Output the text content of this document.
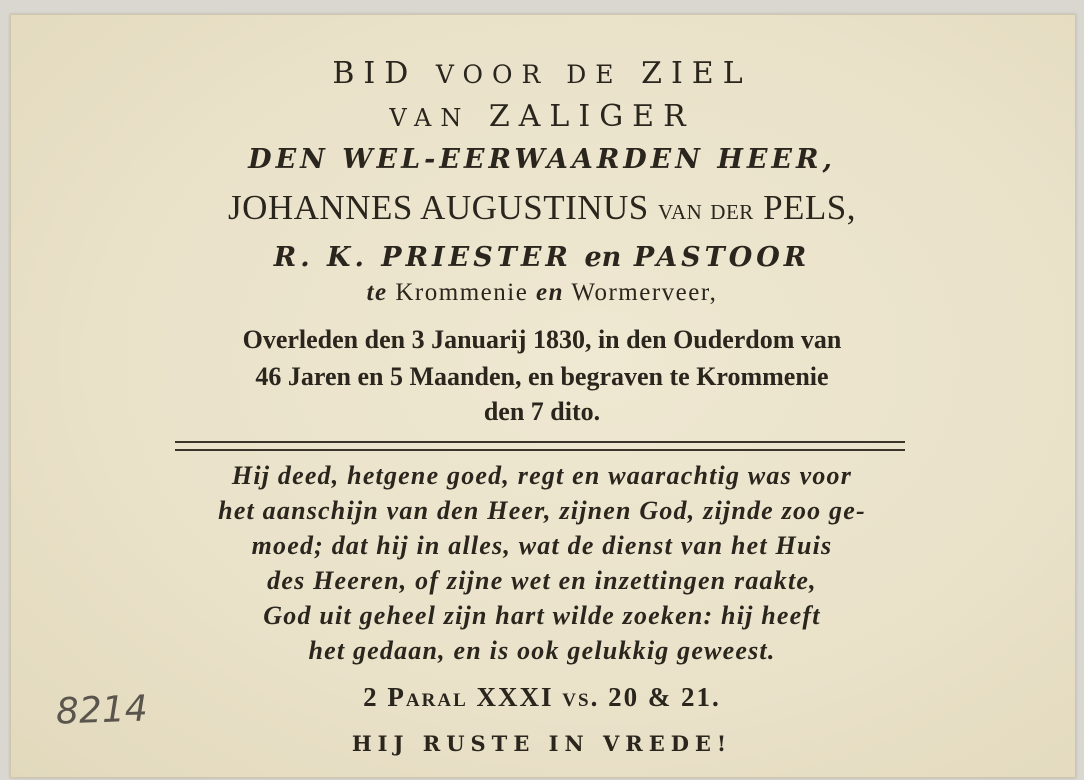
BID VOOR DE ZIEL

VAN ZALIGER

DEN WEL-EERWAARDEN HEER,

JOHANNES AUGUSTINUS van der PELS,

R. K. PRIESTER en PASTOOR

te Krommenie en Wormerveer,

Overleden den 3 Januarij 1830, in den Ouderdom van

46 Jaren en 5 Maanden, en begraven te Krommenie

den 7 dito.

Hij deed, hetgene goed, regt en waarachtig was voor

het aanschijn van den Heer, zijnen God, zijnde zoo ge-

moed; dat hij in alles, wat de dienst van het Huis

des Heeren, of zijne wet en inzettingen raakte,

God uit geheel zijn hart wilde zoeken: hij heeft

het gedaan, en is ook gelukkig geweest.

2 Paral XXXI vs. 20 & 21.

HIJ RUSTE IN VREDE!

8214
